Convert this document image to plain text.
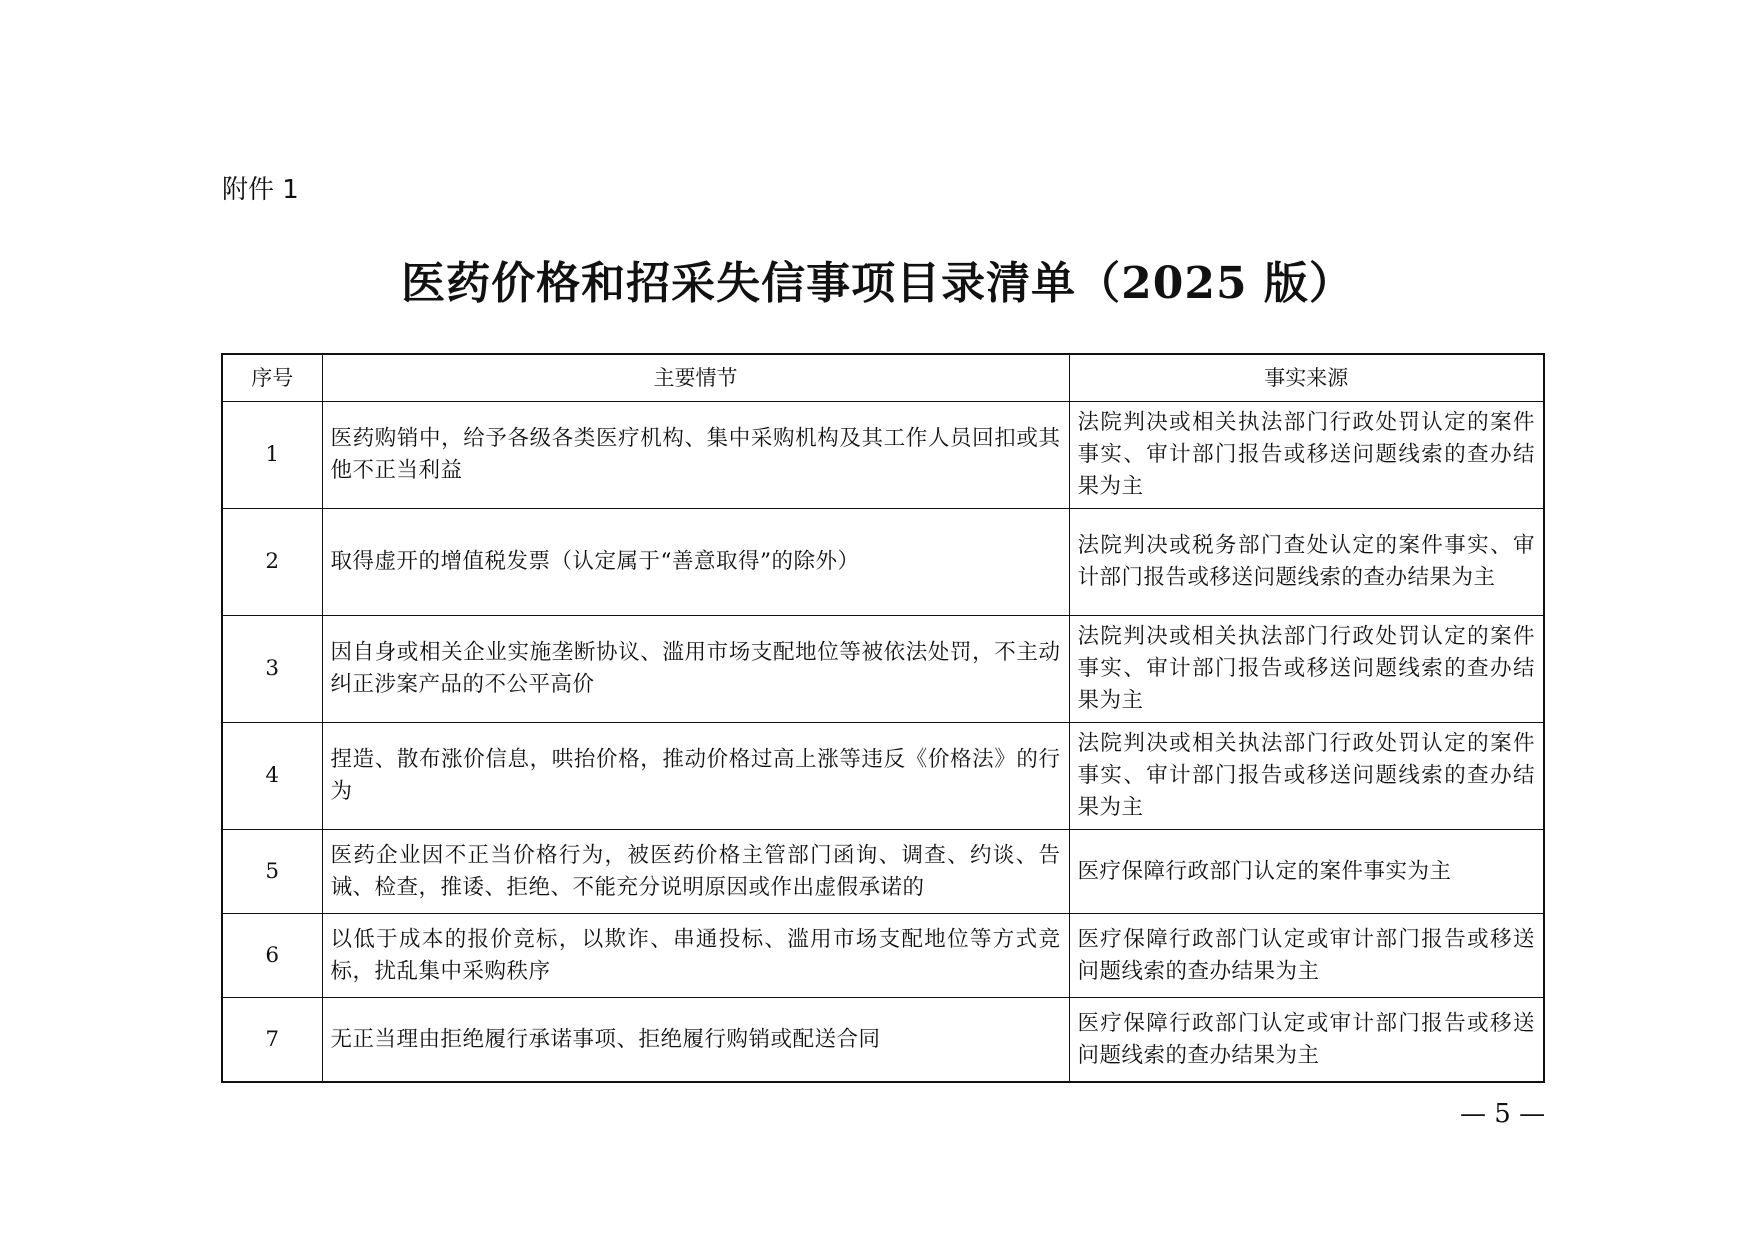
附件 1
医药价格和招采失信事项目录清单（2025 版）
序号	主要情节	事实来源
1	医药购销中，给予各级各类医疗机构、集中采购机构及其工作人员回扣或其他不正当利益	法院判决或相关执法部门行政处罚认定的案件事实、审计部门报告或移送问题线索的查办结果为主
2	取得虚开的增值税发票（认定属于“善意取得”的除外）	法院判决或税务部门查处认定的案件事实、审计部门报告或移送问题线索的查办结果为主
3	因自身或相关企业实施垄断协议、滥用市场支配地位等被依法处罚，不主动纠正涉案产品的不公平高价	法院判决或相关执法部门行政处罚认定的案件事实、审计部门报告或移送问题线索的查办结果为主
4	捏造、散布涨价信息，哄抬价格，推动价格过高上涨等违反《价格法》的行为	法院判决或相关执法部门行政处罚认定的案件事实、审计部门报告或移送问题线索的查办结果为主
5	医药企业因不正当价格行为，被医药价格主管部门函询、调查、约谈、告诫、检查，推诿、拒绝、不能充分说明原因或作出虚假承诺的	医疗保障行政部门认定的案件事实为主
6	以低于成本的报价竞标，以欺诈、串通投标、滥用市场支配地位等方式竞标，扰乱集中采购秩序	医疗保障行政部门认定或审计部门报告或移送问题线索的查办结果为主
7	无正当理由拒绝履行承诺事项、拒绝履行购销或配送合同	医疗保障行政部门认定或审计部门报告或移送问题线索的查办结果为主
— 5 —
